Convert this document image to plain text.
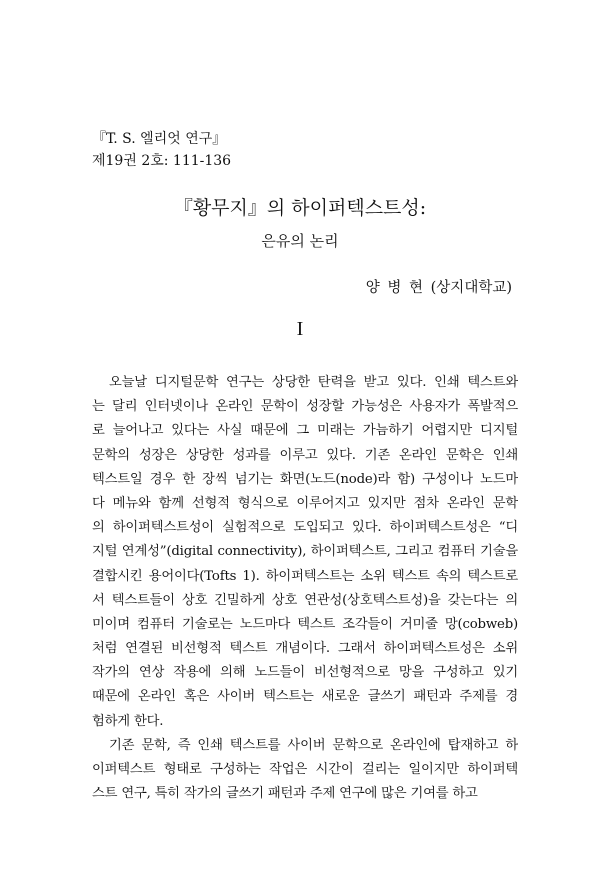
『T. S. 엘리엇 연구』
제19권 2호: 111-136
『황무지』의 하이퍼텍스트성:
은유의 논리
양 병 현 (상지대학교)
I
오늘날 디지털문학 연구는 상당한 탄력을 받고 있다. 인쇄 텍스트와
는 달리 인터넷이나 온라인 문학이 성장할 가능성은 사용자가 폭발적으
로 늘어나고 있다는 사실 때문에 그 미래는 가늠하기 어렵지만 디지털
문학의 성장은 상당한 성과를 이루고 있다. 기존 온라인 문학은 인쇄
텍스트일 경우 한 장씩 넘기는 화면(노드(node)라 함) 구성이나 노드마
다 메뉴와 함께 선형적 형식으로 이루어지고 있지만 점차 온라인 문학
의 하이퍼텍스트성이 실험적으로 도입되고 있다. 하이퍼텍스트성은 “디
지털 연계성”(digital connectivity), 하이퍼텍스트, 그리고 컴퓨터 기술을
결합시킨 용어이다(Tofts 1). 하이퍼텍스트는 소위 텍스트 속의 텍스트로
서 텍스트들이 상호 긴밀하게 상호 연관성(상호텍스트성)을 갖는다는 의
미이며 컴퓨터 기술로는 노드마다 텍스트 조각들이 거미줄 망(cobweb)
처럼 연결된 비선형적 텍스트 개념이다. 그래서 하이퍼텍스트성은 소위
작가의 연상 작용에 의해 노드들이 비선형적으로 망을 구성하고 있기
때문에 온라인 혹은 사이버 텍스트는 새로운 글쓰기 패턴과 주제를 경
험하게 한다.
기존 문학, 즉 인쇄 텍스트를 사이버 문학으로 온라인에 탑재하고 하
이퍼텍스트 형태로 구성하는 작업은 시간이 걸리는 일이지만 하이퍼텍
스트 연구, 특히 작가의 글쓰기 패턴과 주제 연구에 많은 기여를 하고
